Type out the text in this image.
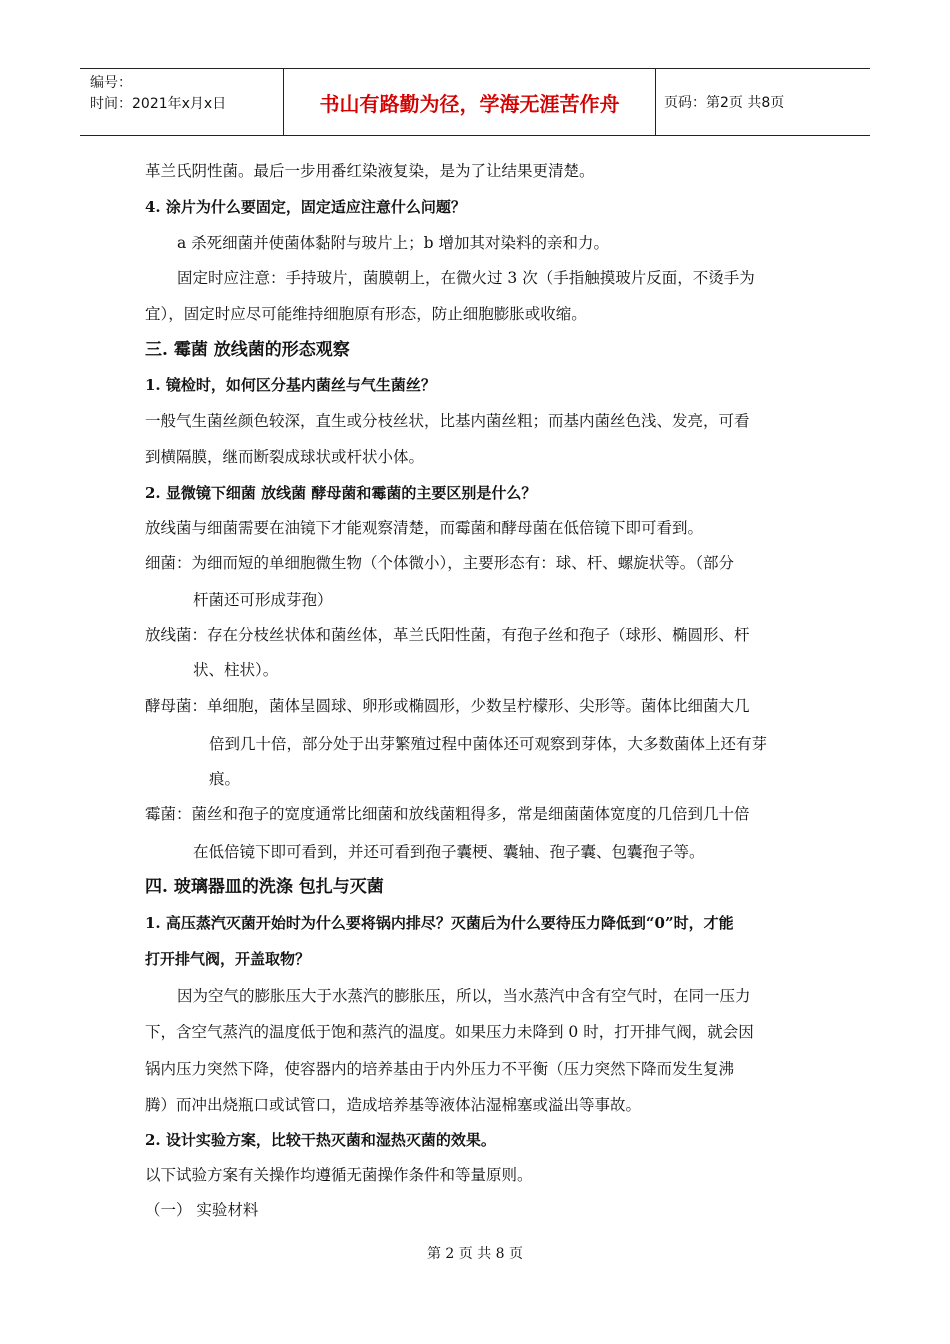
编号：
时间：2021年x月x日	书山有路勤为径，学海无涯苦作舟	页码：第2页 共8页
革兰氏阴性菌。最后一步用番红染液复染，是为了让结果更清楚。
4. 涂片为什么要固定，固定适应注意什么问题？
a 杀死细菌并使菌体黏附与玻片上；b 增加其对染料的亲和力。
固定时应注意：手持玻片，菌膜朝上，在微火过 3 次（手指触摸玻片反面，不烫手为
宜），固定时应尽可能维持细胞原有形态，防止细胞膨胀或收缩。
三. 霉菌 放线菌的形态观察
1. 镜检时，如何区分基内菌丝与气生菌丝？
一般气生菌丝颜色较深，直生或分枝丝状，比基内菌丝粗；而基内菌丝色浅、发亮，可看
到横隔膜，继而断裂成球状或杆状小体。
2. 显微镜下细菌 放线菌 酵母菌和霉菌的主要区别是什么？
放线菌与细菌需要在油镜下才能观察清楚，而霉菌和酵母菌在低倍镜下即可看到。
细菌：为细而短的单细胞微生物（个体微小），主要形态有：球、杆、螺旋状等。（部分
杆菌还可形成芽孢）
放线菌：存在分枝丝状体和菌丝体，革兰氏阳性菌，有孢子丝和孢子（球形、椭圆形、杆
状、柱状）。
酵母菌：单细胞，菌体呈圆球、卵形或椭圆形，少数呈柠檬形、尖形等。菌体比细菌大几
倍到几十倍，部分处于出芽繁殖过程中菌体还可观察到芽体，大多数菌体上还有芽
痕。
霉菌：菌丝和孢子的宽度通常比细菌和放线菌粗得多，常是细菌菌体宽度的几倍到几十倍
在低倍镜下即可看到，并还可看到孢子囊梗、囊轴、孢子囊、包囊孢子等。
四. 玻璃器皿的洗涤 包扎与灭菌
1. 高压蒸汽灭菌开始时为什么要将锅内排尽？灭菌后为什么要待压力降低到“0”时，才能
打开排气阀，开盖取物？
因为空气的膨胀压大于水蒸汽的膨胀压，所以，当水蒸汽中含有空气时，在同一压力
下，含空气蒸汽的温度低于饱和蒸汽的温度。如果压力未降到 0 时，打开排气阀，就会因
锅内压力突然下降，使容器内的培养基由于内外压力不平衡（压力突然下降而发生复沸
腾）而冲出烧瓶口或试管口，造成培养基等液体沾湿棉塞或溢出等事故。
2. 设计实验方案，比较干热灭菌和湿热灭菌的效果。
以下试验方案有关操作均遵循无菌操作条件和等量原则。
（一） 实验材料
第 2 页 共 8 页
